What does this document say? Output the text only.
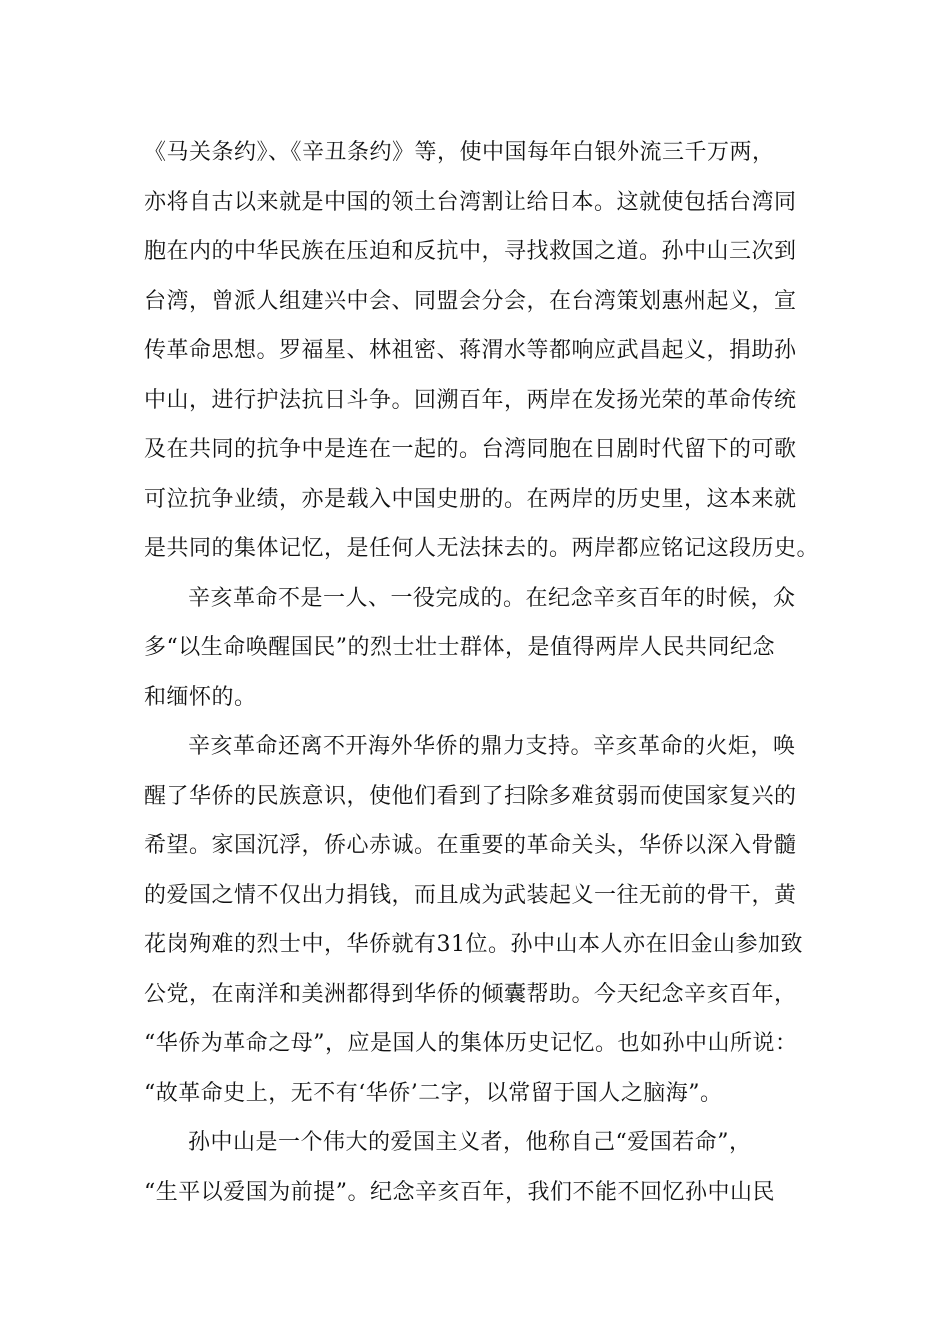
《马关条约》、《辛丑条约》等，使中国每年白银外流三千万两，
亦将自古以来就是中国的领土台湾割让给日本。这就使包括台湾同
胞在内的中华民族在压迫和反抗中，寻找救国之道。孙中山三次到
台湾，曾派人组建兴中会、同盟会分会，在台湾策划惠州起义，宣
传革命思想。罗福星、林祖密、蒋渭水等都响应武昌起义，捐助孙
中山，进行护法抗日斗争。回溯百年，两岸在发扬光荣的革命传统
及在共同的抗争中是连在一起的。台湾同胞在日剧时代留下的可歌
可泣抗争业绩，亦是载入中国史册的。在两岸的历史里，这本来就
是共同的集体记忆，是任何人无法抹去的。两岸都应铭记这段历史。
辛亥革命不是一人、一役完成的。在纪念辛亥百年的时候，众
多“以生命唤醒国民”的烈士壮士群体，是值得两岸人民共同纪念
和缅怀的。
辛亥革命还离不开海外华侨的鼎力支持。辛亥革命的火炬，唤
醒了华侨的民族意识，使他们看到了扫除多难贫弱而使国家复兴的
希望。家国沉浮，侨心赤诚。在重要的革命关头，华侨以深入骨髓
的爱国之情不仅出力捐钱，而且成为武装起义一往无前的骨干，黄
花岗殉难的烈士中，华侨就有31位。孙中山本人亦在旧金山参加致
公党，在南洋和美洲都得到华侨的倾囊帮助。今天纪念辛亥百年，
“华侨为革命之母”，应是国人的集体历史记忆。也如孙中山所说：
“故革命史上，无不有‘华侨’二字，以常留于国人之脑海”。
孙中山是一个伟大的爱国主义者，他称自己“爱国若命”，
“生平以爱国为前提”。纪念辛亥百年，我们不能不回忆孙中山民
